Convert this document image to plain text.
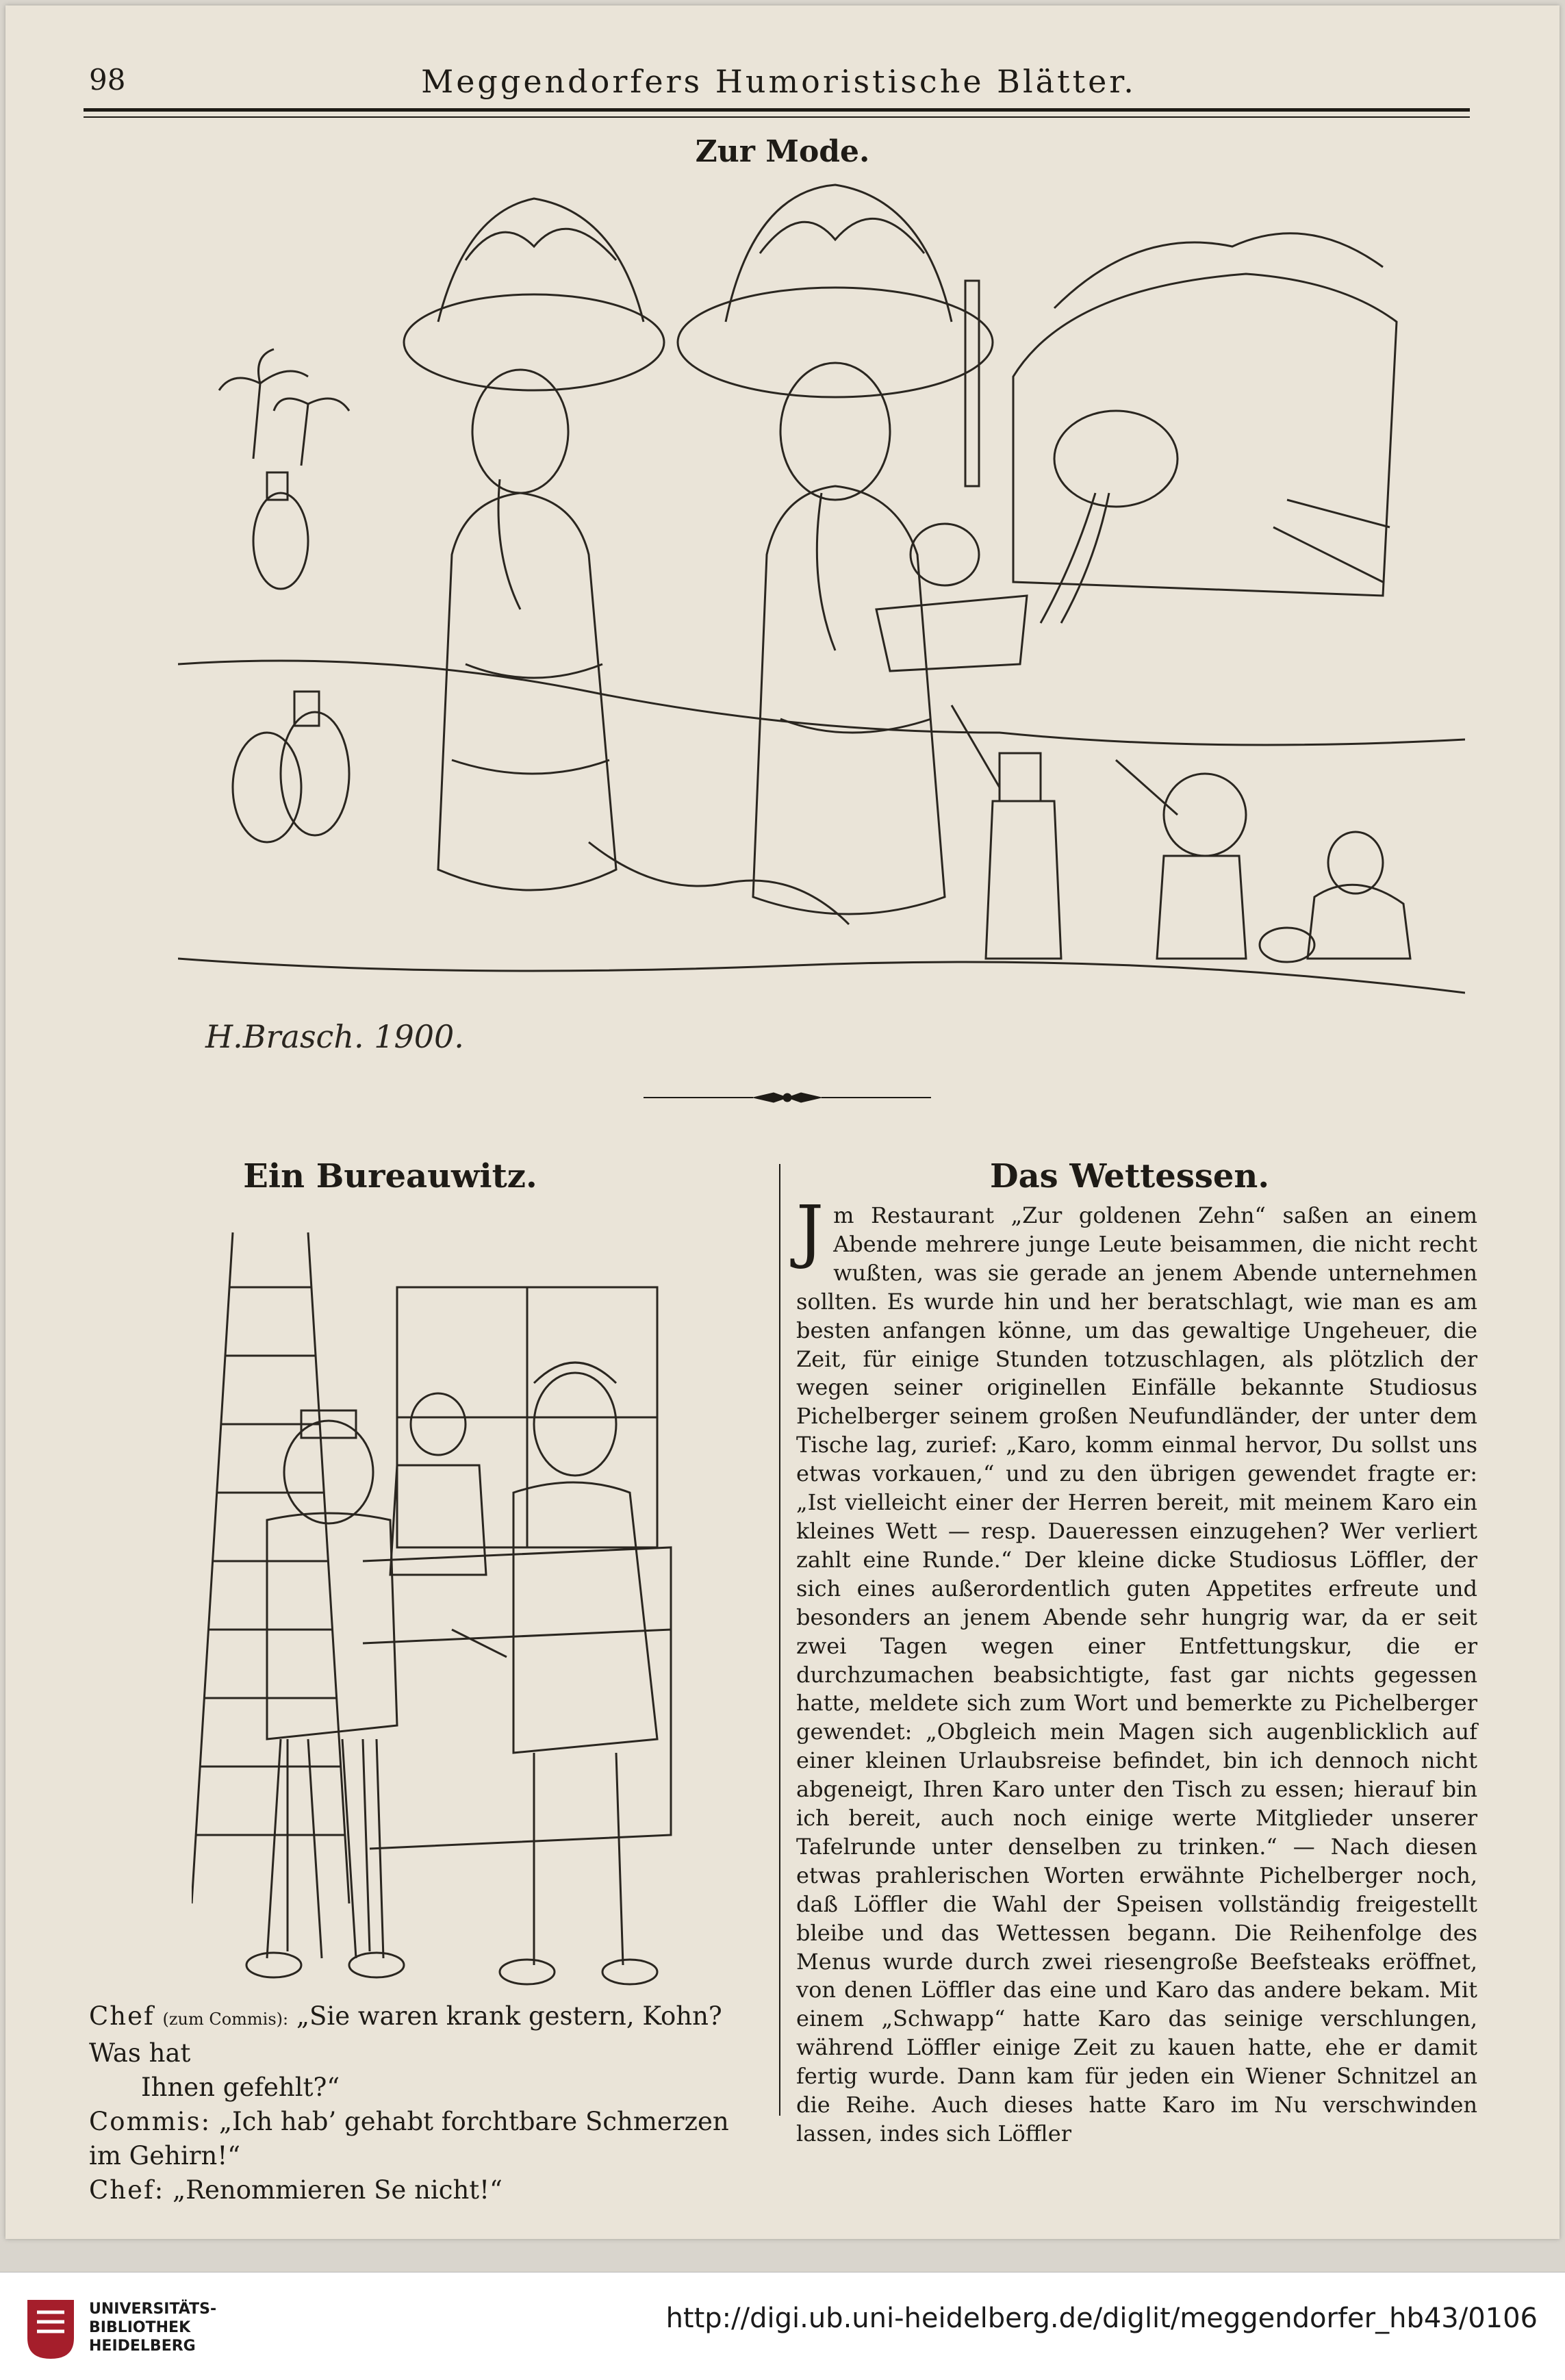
98	Meggendorfers Humoristische Blätter.
Zur Mode.
H.Brasch. 1900.
Ein Bureauwitz.	Das Wettessen.

Chef (zum Commis): „Sie waren krank gestern, Kohn? Was hat

Ihnen gefehlt?“

Commis: „Ich hab’ gehabt forchtbare Schmerzen im Gehirn!“

Chef: „Renommieren Se nicht!“

Jm Restaurant „Zur goldenen Zehn“ saßen an einem Abende mehrere junge Leute beisammen, die nicht recht wußten, was sie gerade an jenem Abende unternehmen sollten. Es wurde hin und her beratschlagt, wie man es am besten anfangen könne, um das gewaltige Ungeheuer, die Zeit, für einige Stunden totzuschlagen, als plötzlich der wegen seiner originellen Einfälle bekannte Studiosus Pichelberger seinem großen Neufundländer, der unter dem Tische lag, zurief: „Karo, komm einmal hervor, Du sollst uns etwas vorkauen,“ und zu den übrigen gewendet fragte er: „Ist vielleicht einer der Herren bereit, mit meinem Karo ein kleines Wett — resp. Daueressen einzugehen? Wer verliert zahlt eine Runde.“ Der kleine dicke Studiosus Löffler, der sich eines außerordentlich guten Appetites erfreute und besonders an jenem Abende sehr hungrig war, da er seit zwei Tagen wegen einer Entfettungskur, die er durchzumachen beabsichtigte, fast gar nichts gegessen hatte, meldete sich zum Wort und bemerkte zu Pichelberger gewendet: „Obgleich mein Magen sich augenblicklich auf einer kleinen Urlaubsreise befindet, bin ich dennoch nicht abgeneigt, Ihren Karo unter den Tisch zu essen; hierauf bin ich bereit, auch noch einige werte Mitglieder unserer Tafelrunde unter denselben zu trinken.“ — Nach diesen etwas prahlerischen Worten erwähnte Pichelberger noch, daß Löffler die Wahl der Speisen vollständig freigestellt bleibe und das Wettessen begann. Die Reihenfolge des Menus wurde durch zwei riesengroße Beefsteaks eröffnet, von denen Löffler das eine und Karo das andere bekam. Mit einem „Schwapp“ hatte Karo das seinige verschlungen, während Löffler einige Zeit zu kauen hatte, ehe er damit fertig wurde. Dann kam für jeden ein Wiener Schnitzel an die Reihe. Auch dieses hatte Karo im Nu verschwinden lassen, indes sich Löffler
UNIVERSITÄTS-
BIBLIOTHEK
HEIDELBERG
http://digi.ub.uni-heidelberg.de/diglit/meggendorfer_hb43/0106
